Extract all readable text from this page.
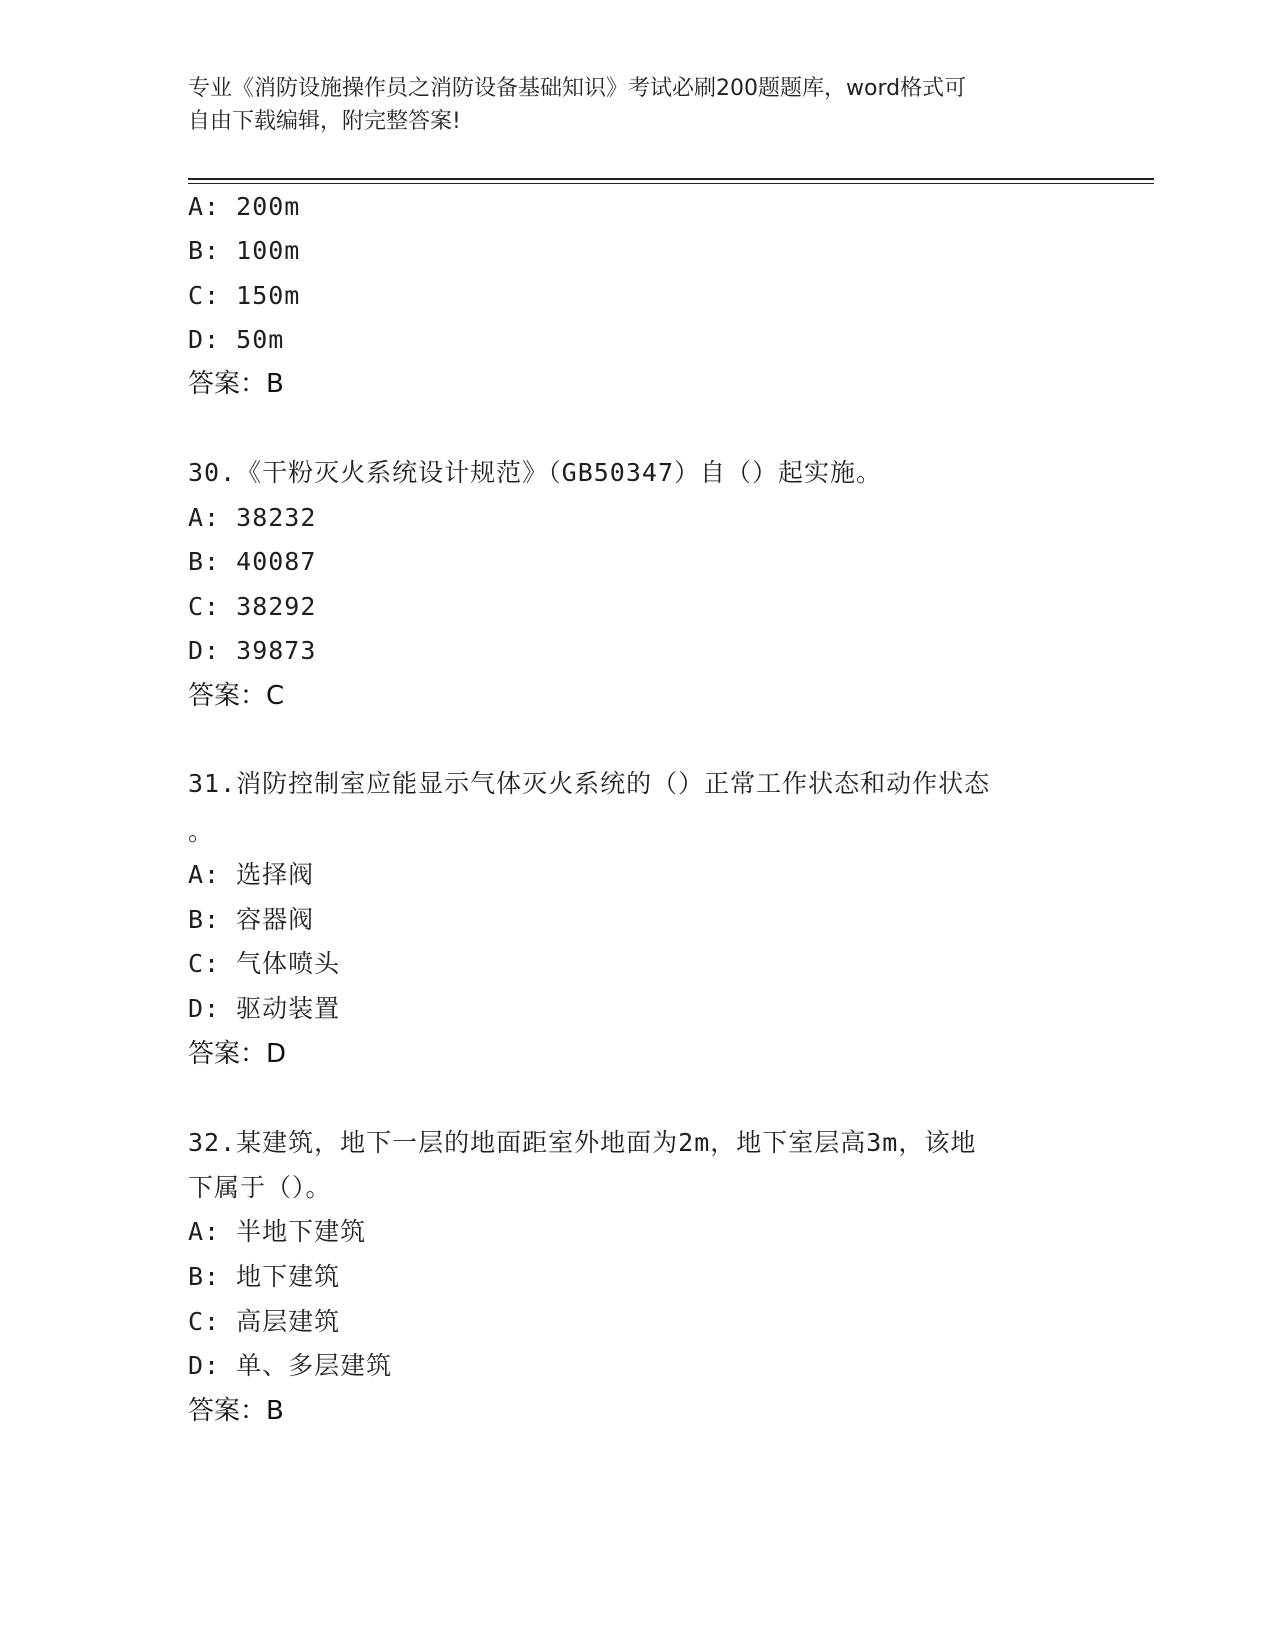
专业《消防设施操作员之消防设备基础知识》考试必刷200题题库，word格式可
自由下载编辑，附完整答案!
A: 200m
B: 100m
C: 150m
D: 50m
答案：B
30.《干粉灭火系统设计规范》（GB50347）自（）起实施。
A: 38232
B: 40087
C: 38292
D: 39873
答案：C
31.消防控制室应能显示气体灭火系统的（）正常工作状态和动作状态
。
A: 选择阀
B: 容器阀
C: 气体喷头
D: 驱动装置
答案：D
32.某建筑，地下一层的地面距室外地面为2m，地下室层高3m，该地
下属于（）。
A: 半地下建筑
B: 地下建筑
C: 高层建筑
D: 单、多层建筑
答案：B
